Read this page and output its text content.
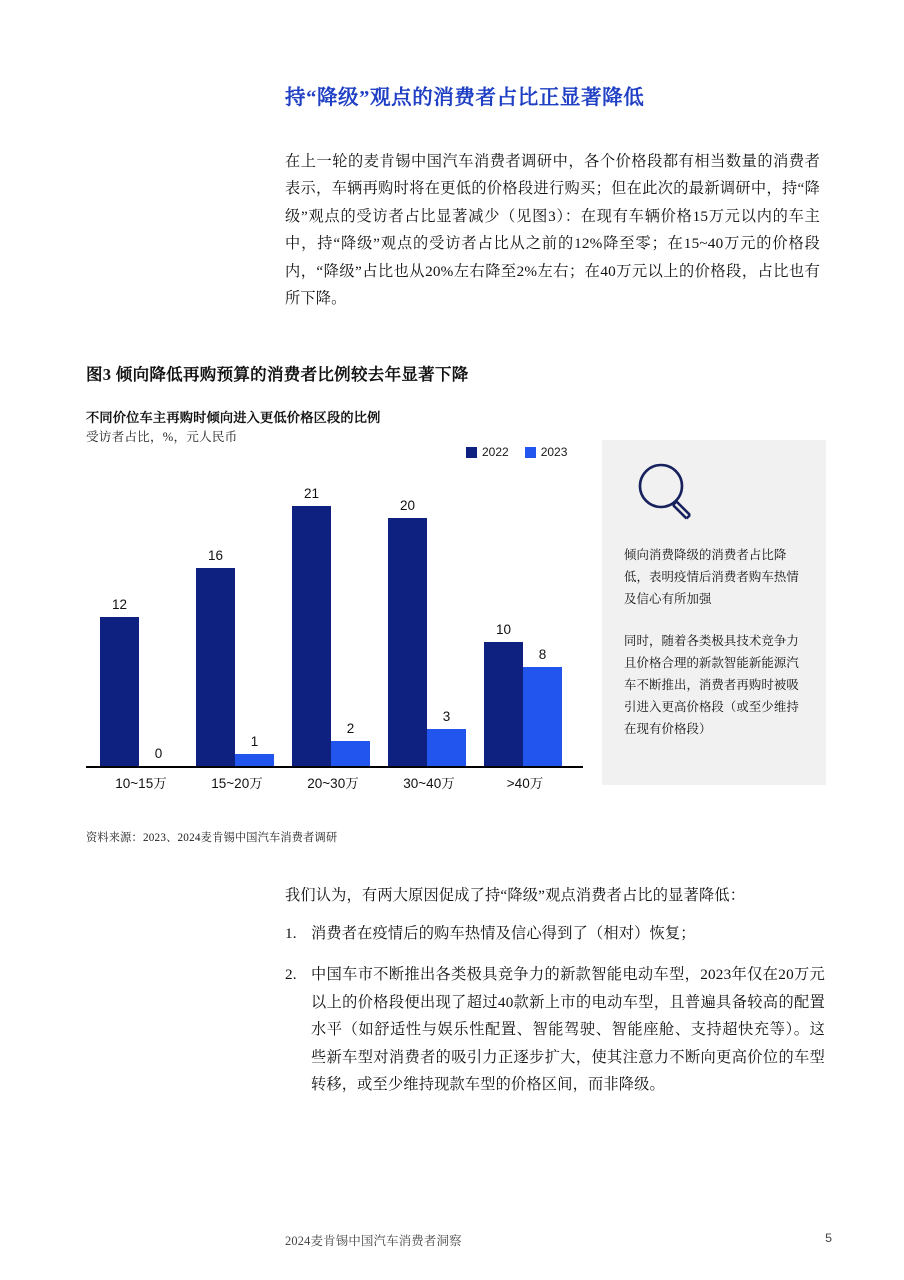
持“降级”观点的消费者占比正显著降低
在上一轮的麦肯锡中国汽车消费者调研中，各个价格段都有相当数量的消费者表示，车辆再购时将在更低的价格段进行购买；但在此次的最新调研中，持“降级”观点的受访者占比显著减少（见图3）：在现有车辆价格15万元以内的车主中，持“降级”观点的受访者占比从之前的12%降至零；在15~40万元的价格段内，“降级”占比也从20%左右降至2%左右；在40万元以上的价格段，占比也有所下降。
图3 倾向降低再购预算的消费者比例较去年显著下降
不同价位车主再购时倾向进入更低价格区段的比例
受访者占比，%，元人民币
2022	2023
12
0
16
1
21
2
20
3
10
8
10~15万	15~20万	20~30万	30~40万	>40万

倾向消费降级的消费者占比降低，表明疫情后消费者购车热情及信心有所加强

同时，随着各类极具技术竞争力且价格合理的新款智能新能源汽车不断推出，消费者再购时被吸引进入更高价格段（或至少维持在现有价格段）

资料来源：2023、2024麦肯锡中国汽车消费者调研
我们认为，有两大原因促成了持“降级”观点消费者占比的显著降低：
1. 消费者在疫情后的购车热情及信心得到了（相对）恢复；
2. 中国车市不断推出各类极具竞争力的新款智能电动车型，2023年仅在20万元以上的价格段便出现了超过40款新上市的电动车型，且普遍具备较高的配置水平（如舒适性与娱乐性配置、智能驾驶、智能座舱、支持超快充等）。这些新车型对消费者的吸引力正逐步扩大，使其注意力不断向更高价位的车型转移，或至少维持现款车型的价格区间，而非降级。
2024麦肯锡中国汽车消费者洞察	5
